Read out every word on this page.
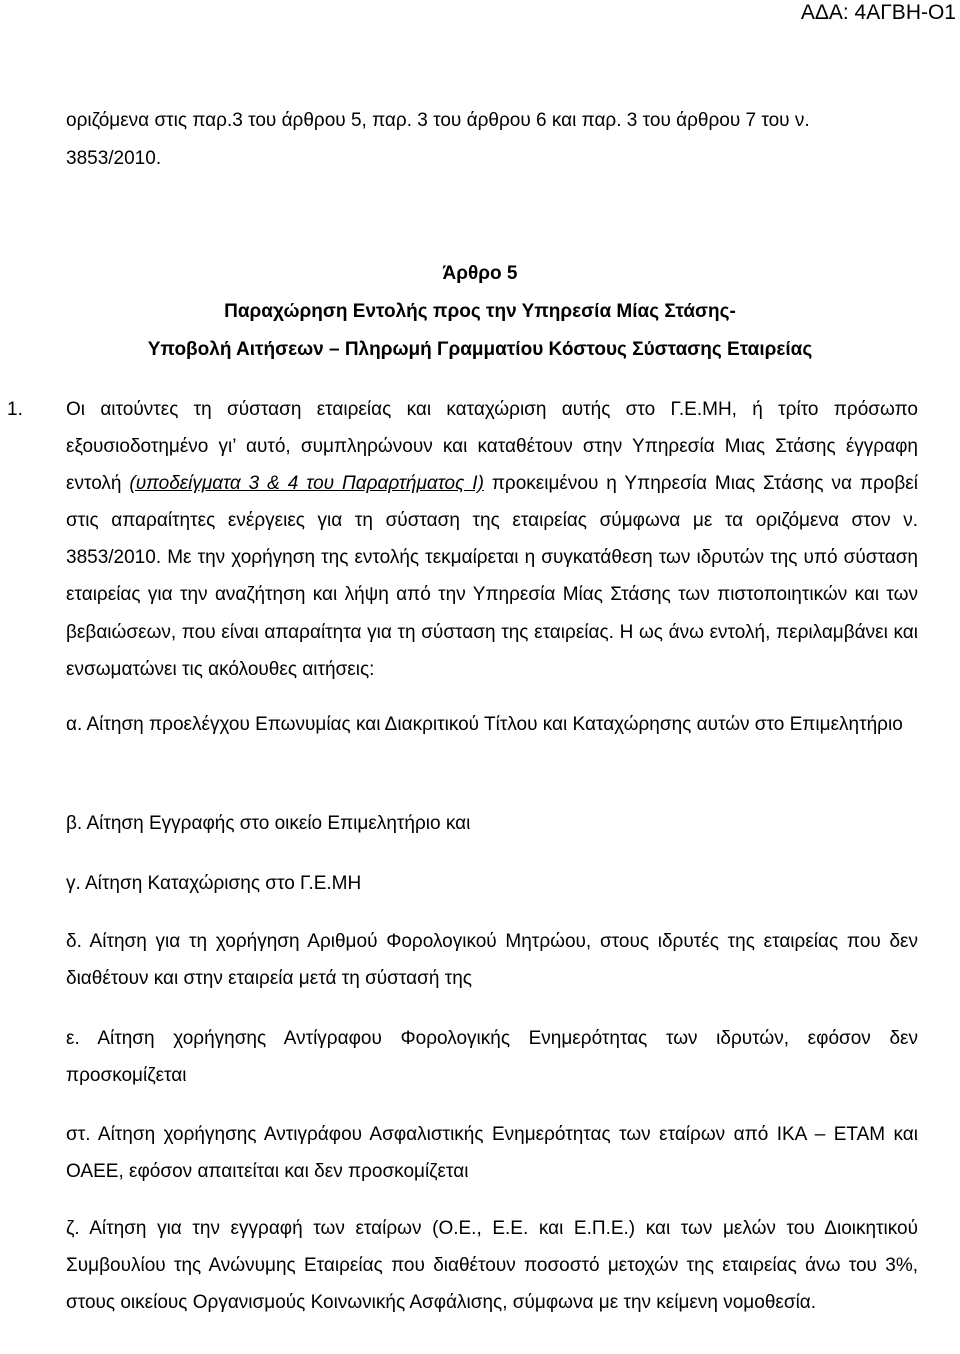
ΑΔΑ: 4ΑΓΒΗ-Ο1
οριζόμενα στις παρ.3 του άρθρου 5, παρ. 3 του άρθρου 6 και παρ. 3 του άρθρου 7 του ν. 3853/2010.
Άρθρο 5
Παραχώρηση Εντολής προς την Υπηρεσία Μίας Στάσης-
Υποβολή Αιτήσεων – Πληρωμή Γραμματίου Κόστους Σύστασης Εταιρείας
1. Οι αιτούντες τη σύσταση εταιρείας και καταχώριση αυτής στο Γ.Ε.ΜΗ, ή τρίτο πρόσωπο εξουσιοδοτημένο γι’ αυτό, συμπληρώνουν και καταθέτουν στην Υπηρεσία Μιας Στάσης έγγραφη εντολή (υποδείγματα 3 & 4 του Παραρτήματος Ι) προκειμένου η Υπηρεσία Μιας Στάσης να προβεί στις απαραίτητες ενέργειες για τη σύσταση της εταιρείας σύμφωνα με τα οριζόμενα στον ν. 3853/2010. Με την χορήγηση της εντολής τεκμαίρεται η συγκατάθεση των ιδρυτών της υπό σύσταση εταιρείας για την αναζήτηση και λήψη από την Υπηρεσία Μίας Στάσης των πιστοποιητικών και των βεβαιώσεων, που είναι απαραίτητα για τη σύσταση της εταιρείας. Η ως άνω εντολή, περιλαμβάνει και ενσωματώνει τις ακόλουθες αιτήσεις:
α. Αίτηση προελέγχου Επωνυμίας και Διακριτικού Τίτλου και Καταχώρησης αυτών στο Επιμελητήριο
β. Αίτηση Εγγραφής στο οικείο Επιμελητήριο και
γ. Αίτηση Καταχώρισης στο Γ.Ε.ΜΗ
δ. Αίτηση για τη χορήγηση Αριθμού Φορολογικού Μητρώου, στους ιδρυτές της εταιρείας που δεν διαθέτουν και στην εταιρεία μετά τη σύστασή της
ε. Αίτηση χορήγησης Αντίγραφου Φορολογικής Ενημερότητας των ιδρυτών, εφόσον δεν προσκομίζεται
στ. Αίτηση χορήγησης Αντιγράφου Ασφαλιστικής Ενημερότητας των εταίρων από ΙΚΑ – ΕΤΑΜ και ΟΑΕΕ, εφόσον απαιτείται και δεν προσκομίζεται
ζ. Αίτηση για την εγγραφή των εταίρων (Ο.Ε., Ε.Ε. και Ε.Π.Ε.) και των μελών του Διοικητικού Συμβουλίου της Ανώνυμης Εταιρείας που διαθέτουν ποσοστό μετοχών της εταιρείας άνω του 3%, στους οικείους Οργανισμούς Κοινωνικής Ασφάλισης, σύμφωνα με την κείμενη νομοθεσία.
